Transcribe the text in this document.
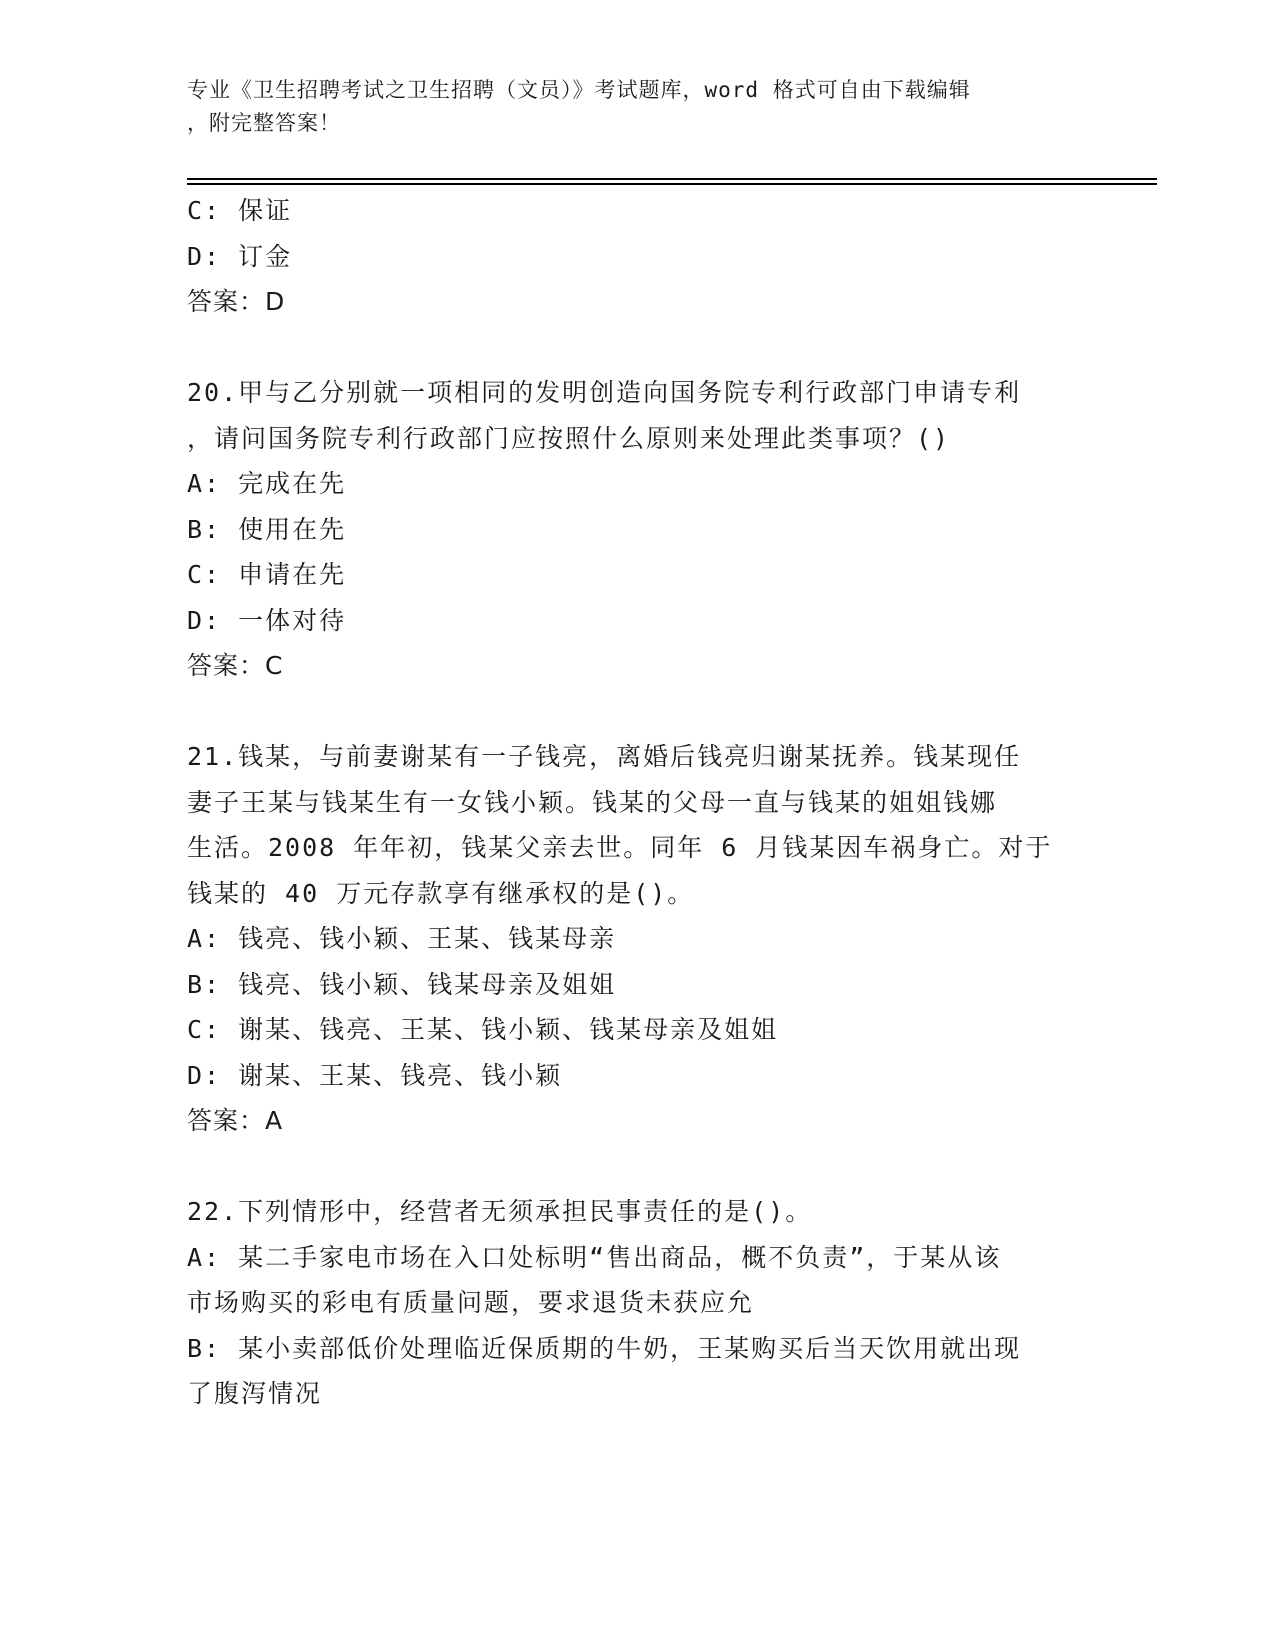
专业《卫生招聘考试之卫生招聘（文员）》考试题库，word 格式可自由下载编辑
，附完整答案！
C: 保证
D: 订金
答案：D
20.甲与乙分别就一项相同的发明创造向国务院专利行政部门申请专利
，请问国务院专利行政部门应按照什么原则来处理此类事项？()
A: 完成在先
B: 使用在先
C: 申请在先
D: 一体对待
答案：C
21.钱某，与前妻谢某有一子钱亮，离婚后钱亮归谢某抚养。钱某现任
妻子王某与钱某生有一女钱小颖。钱某的父母一直与钱某的姐姐钱娜
生活。2008 年年初，钱某父亲去世。同年 6 月钱某因车祸身亡。对于
钱某的 40 万元存款享有继承权的是()。
A: 钱亮、钱小颖、王某、钱某母亲
B: 钱亮、钱小颖、钱某母亲及姐姐
C: 谢某、钱亮、王某、钱小颖、钱某母亲及姐姐
D: 谢某、王某、钱亮、钱小颖
答案：A
22.下列情形中，经营者无须承担民事责任的是()。
A: 某二手家电市场在入口处标明“售出商品，概不负责”，于某从该
市场购买的彩电有质量问题，要求退货未获应允
B: 某小卖部低价处理临近保质期的牛奶，王某购买后当天饮用就出现
了腹泻情况
